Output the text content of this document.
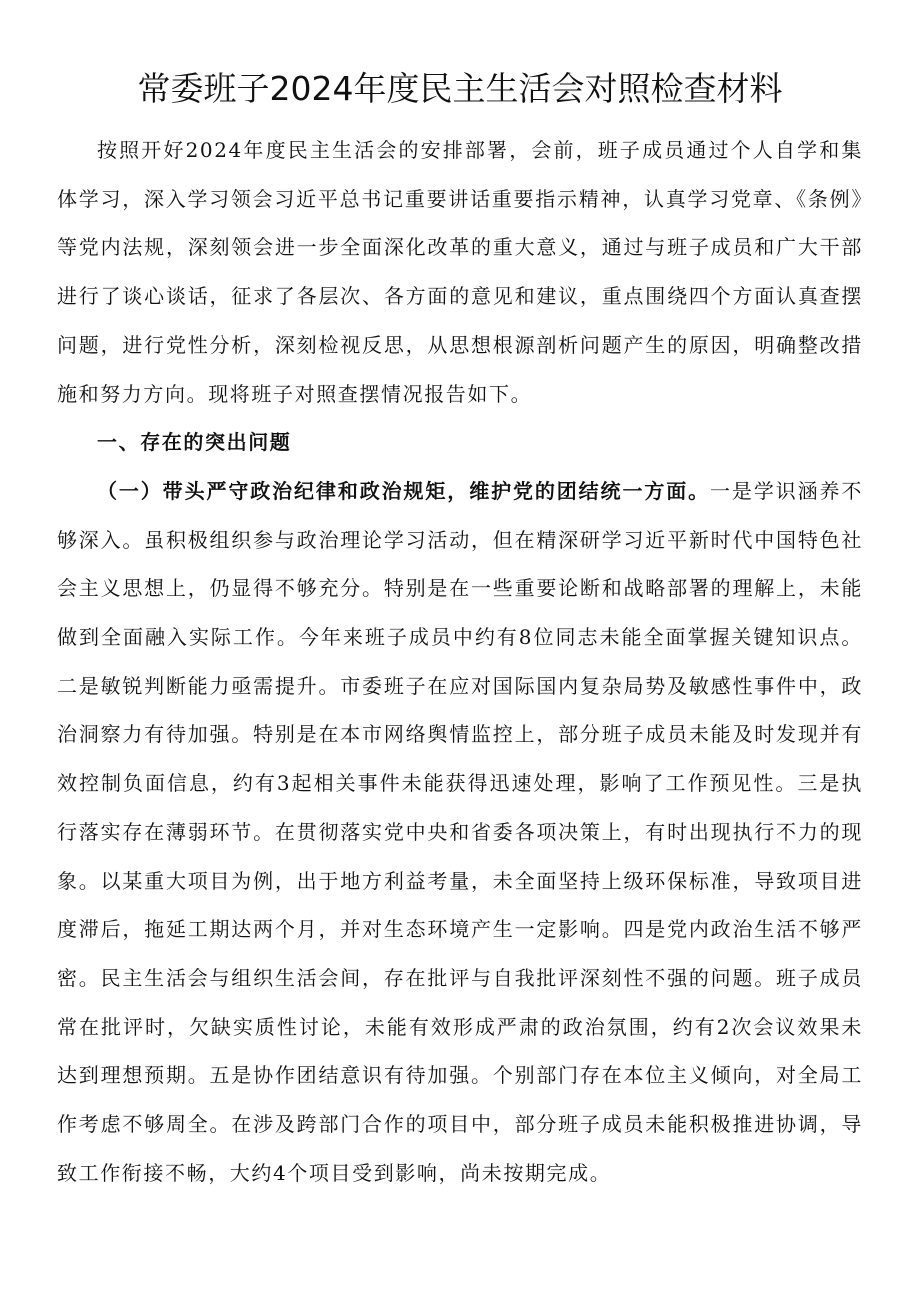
常委班子2024年度民主生活会对照检查材料

按照开好2024年度民主生活会的安排部署，会前，班子成员通过个人自学和集体学习，深入学习领会习近平总书记重要讲话重要指示精神，认真学习党章、《条例》等党内法规，深刻领会进一步全面深化改革的重大意义，通过与班子成员和广大干部进行了谈心谈话，征求了各层次、各方面的意见和建议，重点围绕四个方面认真查摆问题，进行党性分析，深刻检视反思，从思想根源剖析问题产生的原因，明确整改措施和努力方向。现将班子对照查摆情况报告如下。

一、存在的突出问题

（一）带头严守政治纪律和政治规矩，维护党的团结统一方面。一是学识涵养不够深入。虽积极组织参与政治理论学习活动，但在精深研学习近平新时代中国特色社会主义思想上，仍显得不够充分。特别是在一些重要论断和战略部署的理解上，未能做到全面融入实际工作。今年来班子成员中约有8位同志未能全面掌握关键知识点。二是敏锐判断能力亟需提升。市委班子在应对国际国内复杂局势及敏感性事件中，政治洞察力有待加强。特别是在本市网络舆情监控上，部分班子成员未能及时发现并有效控制负面信息，约有3起相关事件未能获得迅速处理，影响了工作预见性。三是执行落实存在薄弱环节。在贯彻落实党中央和省委各项决策上，有时出现执行不力的现象。以某重大项目为例，出于地方利益考量，未全面坚持上级环保标准，导致项目进度滞后，拖延工期达两个月，并对生态环境产生一定影响。四是党内政治生活不够严密。民主生活会与组织生活会间，存在批评与自我批评深刻性不强的问题。班子成员常在批评时，欠缺实质性讨论，未能有效形成严肃的政治氛围，约有2次会议效果未达到理想预期。五是协作团结意识有待加强。个别部门存在本位主义倾向，对全局工作考虑不够周全。在涉及跨部门合作的项目中，部分班子成员未能积极推进协调，导致工作衔接不畅，大约4个项目受到影响，尚未按期完成。
